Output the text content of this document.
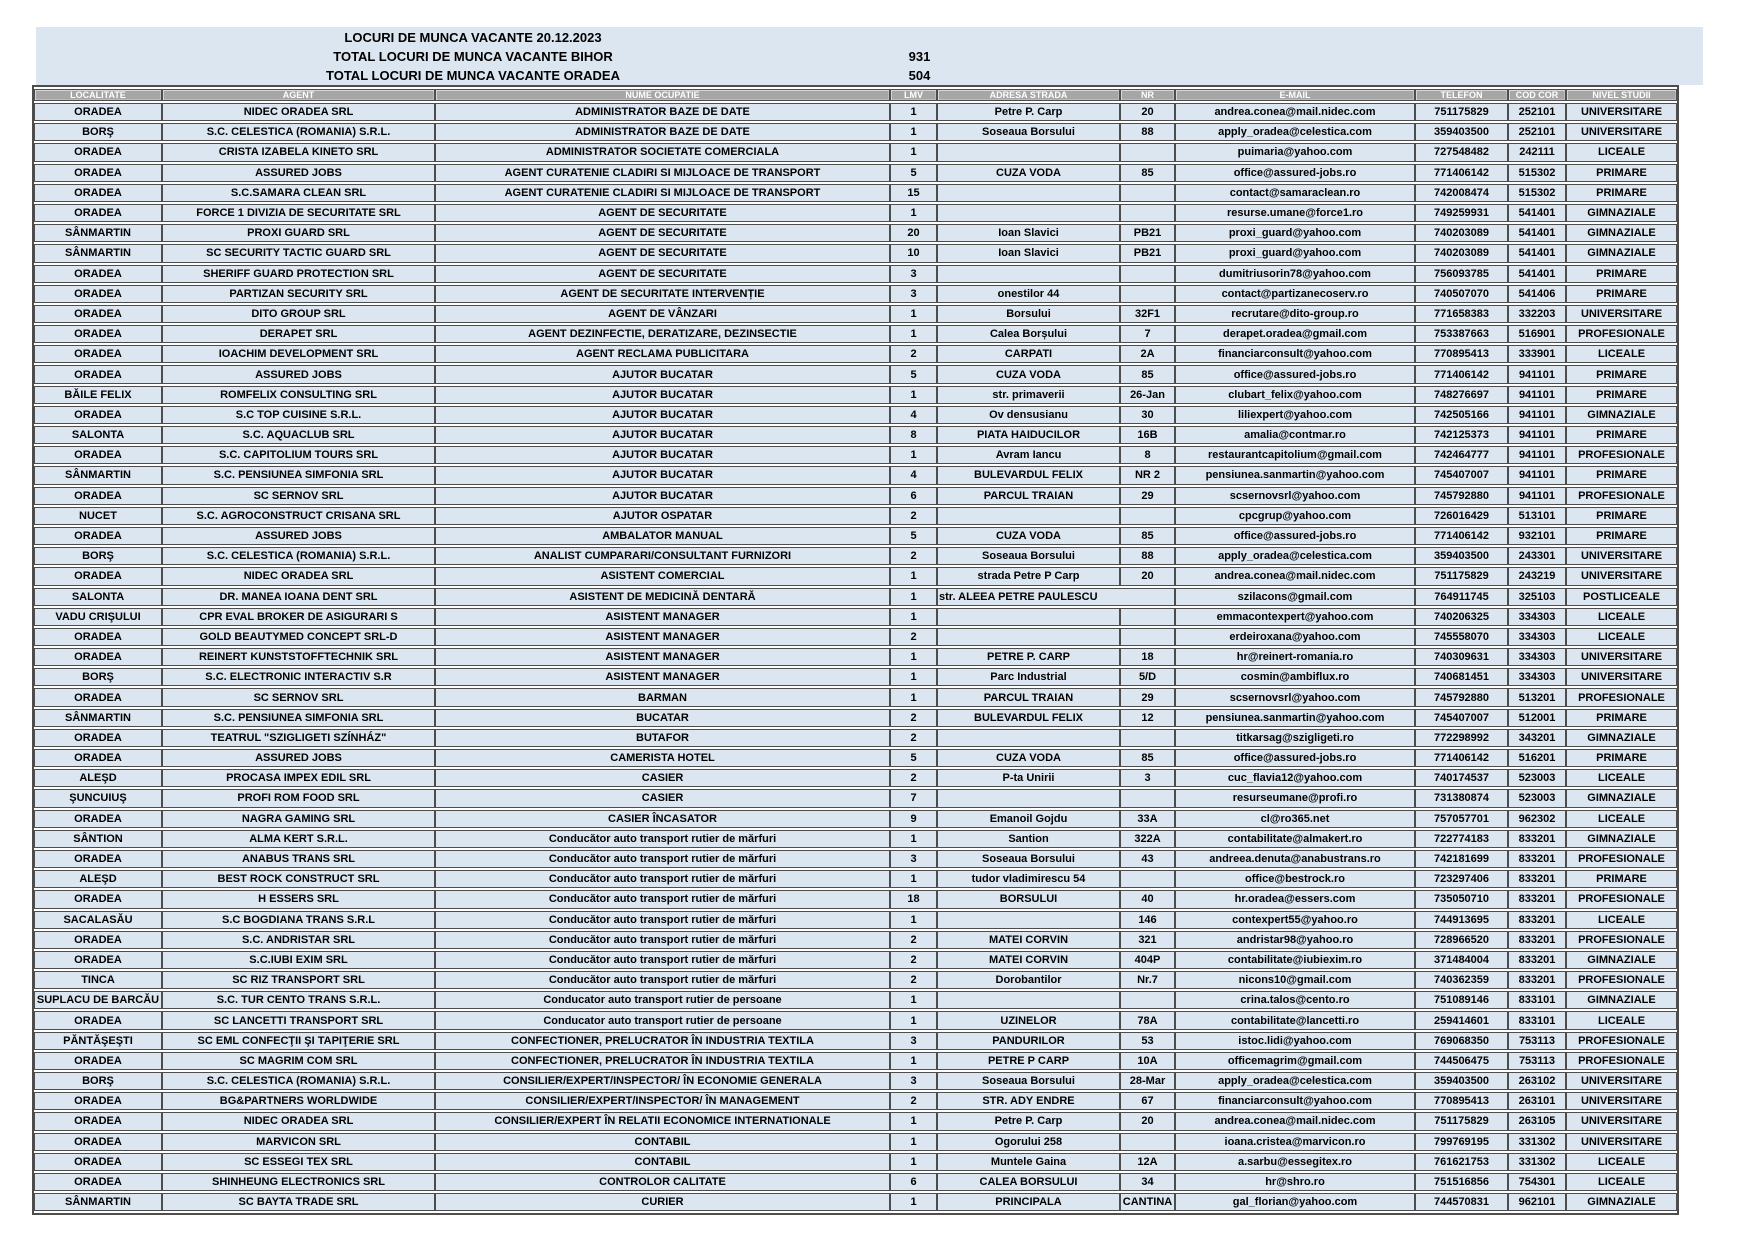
LOCURI DE MUNCA VACANTE 20.12.2023
TOTAL LOCURI DE MUNCA VACANTE BIHOR	931
TOTAL LOCURI DE MUNCA VACANTE ORADEA	504
LOCALITATE	AGENT	NUME OCUPATIE	LMV	ADRESA STRADA	NR	E-MAIL	TELEFON	COD COR	NIVEL STUDII
ORADEA	NIDEC ORADEA SRL	ADMINISTRATOR BAZE DE DATE	1	Petre P. Carp	20	andrea.conea@mail.nidec.com	751175829	252101	UNIVERSITARE
BORŞ	S.C. CELESTICA (ROMANIA) S.R.L.	ADMINISTRATOR BAZE DE DATE	1	Soseaua Borsului	88	apply_oradea@celestica.com	359403500	252101	UNIVERSITARE
ORADEA	CRISTA IZABELA KINETO SRL	ADMINISTRATOR SOCIETATE COMERCIALA	1			puimaria@yahoo.com	727548482	242111	LICEALE
ORADEA	ASSURED JOBS	AGENT CURATENIE CLADIRI SI MIJLOACE DE TRANSPORT	5	CUZA VODA	85	office@assured-jobs.ro	771406142	515302	PRIMARE
ORADEA	S.C.SAMARA CLEAN SRL	AGENT CURATENIE CLADIRI SI MIJLOACE DE TRANSPORT	15			contact@samaraclean.ro	742008474	515302	PRIMARE
ORADEA	FORCE 1 DIVIZIA DE SECURITATE SRL	AGENT DE SECURITATE	1			resurse.umane@force1.ro	749259931	541401	GIMNAZIALE
SÂNMARTIN	PROXI GUARD SRL	AGENT DE SECURITATE	20	Ioan Slavici	PB21	proxi_guard@yahoo.com	740203089	541401	GIMNAZIALE
SÂNMARTIN	SC SECURITY TACTIC GUARD SRL	AGENT DE SECURITATE	10	Ioan Slavici	PB21	proxi_guard@yahoo.com	740203089	541401	GIMNAZIALE
ORADEA	SHERIFF GUARD PROTECTION SRL	AGENT DE SECURITATE	3			dumitriusorin78@yahoo.com	756093785	541401	PRIMARE
ORADEA	PARTIZAN SECURITY SRL	AGENT DE SECURITATE INTERVENȚIE	3	onestilor 44		contact@partizanecoserv.ro	740507070	541406	PRIMARE
ORADEA	DITO GROUP SRL	AGENT DE VÂNZARI	1	Borsului	32F1	recrutare@dito-group.ro	771658383	332203	UNIVERSITARE
ORADEA	DERAPET SRL	AGENT DEZINFECTIE, DERATIZARE, DEZINSECTIE	1	Calea Borșului	7	derapet.oradea@gmail.com	753387663	516901	PROFESIONALE
ORADEA	IOACHIM DEVELOPMENT SRL	AGENT RECLAMA PUBLICITARA	2	CARPATI	2A	financiarconsult@yahoo.com	770895413	333901	LICEALE
ORADEA	ASSURED JOBS	AJUTOR BUCATAR	5	CUZA VODA	85	office@assured-jobs.ro	771406142	941101	PRIMARE
BĂILE FELIX	ROMFELIX CONSULTING SRL	AJUTOR BUCATAR	1	str. primaverii	26-Jan	clubart_felix@yahoo.com	748276697	941101	PRIMARE
ORADEA	S.C TOP CUISINE S.R.L.	AJUTOR BUCATAR	4	Ov densusianu	30	liliexpert@yahoo.com	742505166	941101	GIMNAZIALE
SALONTA	S.C. AQUACLUB SRL	AJUTOR BUCATAR	8	PIATA HAIDUCILOR	16B	amalia@contmar.ro	742125373	941101	PRIMARE
ORADEA	S.C. CAPITOLIUM TOURS SRL	AJUTOR BUCATAR	1	Avram Iancu	8	restaurantcapitolium@gmail.com	742464777	941101	PROFESIONALE
SÂNMARTIN	S.C. PENSIUNEA SIMFONIA SRL	AJUTOR BUCATAR	4	BULEVARDUL FELIX	NR 2	pensiunea.sanmartin@yahoo.com	745407007	941101	PRIMARE
ORADEA	SC SERNOV SRL	AJUTOR BUCATAR	6	PARCUL TRAIAN	29	scsernovsrl@yahoo.com	745792880	941101	PROFESIONALE
NUCET	S.C. AGROCONSTRUCT CRISANA SRL	AJUTOR OSPATAR	2			cpcgrup@yahoo.com	726016429	513101	PRIMARE
ORADEA	ASSURED JOBS	AMBALATOR MANUAL	5	CUZA VODA	85	office@assured-jobs.ro	771406142	932101	PRIMARE
BORŞ	S.C. CELESTICA (ROMANIA) S.R.L.	ANALIST CUMPARARI/CONSULTANT FURNIZORI	2	Soseaua Borsului	88	apply_oradea@celestica.com	359403500	243301	UNIVERSITARE
ORADEA	NIDEC ORADEA SRL	ASISTENT COMERCIAL	1	strada Petre P Carp	20	andrea.conea@mail.nidec.com	751175829	243219	UNIVERSITARE
SALONTA	DR. MANEA IOANA DENT SRL	ASISTENT DE MEDICINĂ DENTARĂ	1	str. ALEEA PETRE PAULESCU		szilacons@gmail.com	764911745	325103	POSTLICEALE
VADU CRIŞULUI	CPR EVAL BROKER DE ASIGURARI S	ASISTENT MANAGER	1			emmacontexpert@yahoo.com	740206325	334303	LICEALE
ORADEA	GOLD BEAUTYMED CONCEPT SRL-D	ASISTENT MANAGER	2			erdeiroxana@yahoo.com	745558070	334303	LICEALE
ORADEA	REINERT KUNSTSTOFFTECHNIK SRL	ASISTENT MANAGER	1	PETRE P. CARP	18	hr@reinert-romania.ro	740309631	334303	UNIVERSITARE
BORŞ	S.C. ELECTRONIC INTERACTIV S.R	ASISTENT MANAGER	1	Parc Industrial	5/D	cosmin@ambiflux.ro	740681451	334303	UNIVERSITARE
ORADEA	SC SERNOV SRL	BARMAN	1	PARCUL TRAIAN	29	scsernovsrl@yahoo.com	745792880	513201	PROFESIONALE
SÂNMARTIN	S.C. PENSIUNEA SIMFONIA SRL	BUCATAR	2	BULEVARDUL FELIX	12	pensiunea.sanmartin@yahoo.com	745407007	512001	PRIMARE
ORADEA	TEATRUL "SZIGLIGETI SZÍNHÁZ"	BUTAFOR	2			titkarsag@szigligeti.ro	772298992	343201	GIMNAZIALE
ORADEA	ASSURED JOBS	CAMERISTA HOTEL	5	CUZA VODA	85	office@assured-jobs.ro	771406142	516201	PRIMARE
ALEŞD	PROCASA IMPEX EDIL SRL	CASIER	2	P-ta Unirii	3	cuc_flavia12@yahoo.com	740174537	523003	LICEALE
ŞUNCUIUŞ	PROFI ROM FOOD SRL	CASIER	7			resurseumane@profi.ro	731380874	523003	GIMNAZIALE
ORADEA	NAGRA GAMING SRL	CASIER ÎNCASATOR	9	Emanoil Gojdu	33A	cl@ro365.net	757057701	962302	LICEALE
SÂNTION	ALMA KERT S.R.L.	Conducător auto transport rutier de mărfuri	1	Santion	322A	contabilitate@almakert.ro	722774183	833201	GIMNAZIALE
ORADEA	ANABUS TRANS SRL	Conducător auto transport rutier de mărfuri	3	Soseaua Borsului	43	andreea.denuta@anabustrans.ro	742181699	833201	PROFESIONALE
ALEŞD	BEST ROCK CONSTRUCT SRL	Conducător auto transport rutier de mărfuri	1	tudor vladimirescu 54		office@bestrock.ro	723297406	833201	PRIMARE
ORADEA	H ESSERS SRL	Conducător auto transport rutier de mărfuri	18	BORSULUI	40	hr.oradea@essers.com	735050710	833201	PROFESIONALE
SACALASĂU	S.C BOGDIANA TRANS S.R.L	Conducător auto transport rutier de mărfuri	1		146	contexpert55@yahoo.ro	744913695	833201	LICEALE
ORADEA	S.C. ANDRISTAR SRL	Conducător auto transport rutier de mărfuri	2	MATEI CORVIN	321	andristar98@yahoo.ro	728966520	833201	PROFESIONALE
ORADEA	S.C.IUBI EXIM SRL	Conducător auto transport rutier de mărfuri	2	MATEI CORVIN	404P	contabilitate@iubiexim.ro	371484004	833201	GIMNAZIALE
TINCA	SC RIZ TRANSPORT SRL	Conducător auto transport rutier de mărfuri	2	Dorobantilor	Nr.7	nicons10@gmail.com	740362359	833201	PROFESIONALE
SUPLACU DE BARCĂU	S.C. TUR CENTO TRANS S.R.L.	Conducator auto transport rutier de persoane	1			crina.talos@cento.ro	751089146	833101	GIMNAZIALE
ORADEA	SC LANCETTI TRANSPORT SRL	Conducator auto transport rutier de persoane	1	UZINELOR	78A	contabilitate@lancetti.ro	259414601	833101	LICEALE
PĂNTĂŞEŞTI	SC EML CONFECŢII ŞI TAPIŢERIE SRL	CONFECTIONER, PRELUCRATOR ÎN INDUSTRIA TEXTILA	3	PANDURILOR	53	istoc.lidi@yahoo.com	769068350	753113	PROFESIONALE
ORADEA	SC MAGRIM COM SRL	CONFECTIONER, PRELUCRATOR ÎN INDUSTRIA TEXTILA	1	PETRE P CARP	10A	officemagrim@gmail.com	744506475	753113	PROFESIONALE
BORŞ	S.C. CELESTICA (ROMANIA) S.R.L.	CONSILIER/EXPERT/INSPECTOR/ ÎN ECONOMIE GENERALA	3	Soseaua Borsului	28-Mar	apply_oradea@celestica.com	359403500	263102	UNIVERSITARE
ORADEA	BG&PARTNERS WORLDWIDE	CONSILIER/EXPERT/INSPECTOR/ ÎN MANAGEMENT	2	STR. ADY ENDRE	67	financiarconsult@yahoo.com	770895413	263101	UNIVERSITARE
ORADEA	NIDEC ORADEA SRL	CONSILIER/EXPERT ÎN RELATII ECONOMICE INTERNATIONALE	1	Petre P. Carp	20	andrea.conea@mail.nidec.com	751175829	263105	UNIVERSITARE
ORADEA	MARVICON SRL	CONTABIL	1	Ogorului 258		ioana.cristea@marvicon.ro	799769195	331302	UNIVERSITARE
ORADEA	SC ESSEGI TEX SRL	CONTABIL	1	Muntele Gaina	12A	a.sarbu@essegitex.ro	761621753	331302	LICEALE
ORADEA	SHINHEUNG ELECTRONICS SRL	CONTROLOR CALITATE	6	CALEA BORSULUI	34	hr@shro.ro	751516856	754301	LICEALE
SÂNMARTIN	SC BAYTA TRADE SRL	CURIER	1	PRINCIPALA	CANTINA	gal_florian@yahoo.com	744570831	962101	GIMNAZIALE
